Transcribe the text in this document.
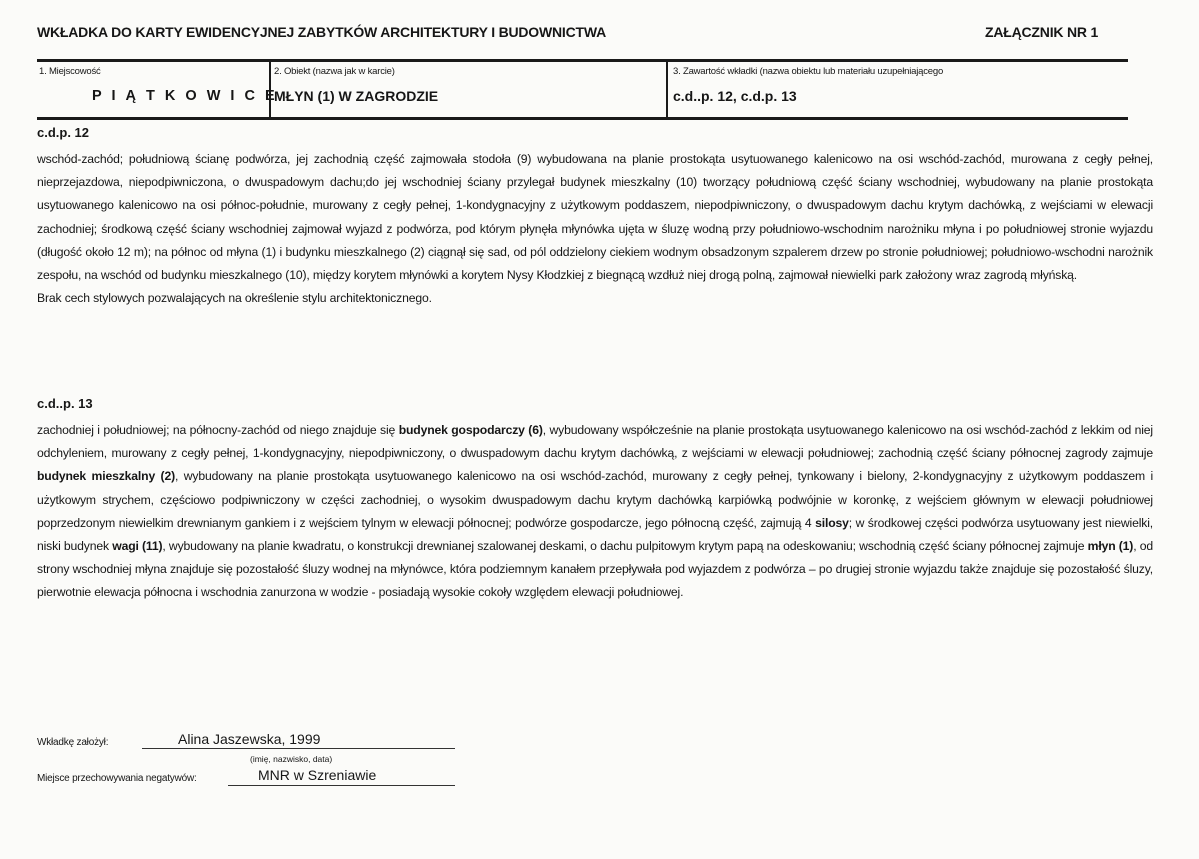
WKŁADKA DO KARTY EWIDENCYJNEJ ZABYTKÓW ARCHITEKTURY I BUDOWNICTWA	ZAŁĄCZNIK NR 1
1. Miejscowość
P I Ą T K O W I C E
2. Obiekt (nazwa jak w karcie)
MŁYN (1) W ZAGRODZIE
3. Zawartość wkładki (nazwa obiektu lub materiału uzupełniającego
c.d..p. 12, c.d.p. 13
c.d.p. 12

wschód-zachód; południową ścianę podwórza, jej zachodnią część zajmowała stodoła (9) wybudowana na planie prostokąta usytuowanego kalenicowo na osi wschód-zachód, murowana z cegły pełnej, nieprzejazdowa, niepodpiwniczona, o dwuspadowym dachu;do jej wschodniej ściany przylegał budynek mieszkalny (10) tworzący południową część ściany wschodniej, wybudowany na planie prostokąta usytuowanego kalenicowo na osi północ-południe, murowany z cegły pełnej, 1-kondygnacyjny z użytkowym poddaszem, niepodpiwniczony, o dwuspadowym dachu krytym dachówką, z wejściami w elewacji zachodniej; środkową część ściany wschodniej zajmował wyjazd z podwórza, pod którym płynęła młynówka ujęta w śluzę wodną przy południowo-wschodnim narożniku młyna i po południowej stronie wyjazdu (długość około 12 m); na północ od młyna (1) i budynku mieszkalnego (2) ciągnął się sad, od pól oddzielony ciekiem wodnym obsadzonym szpalerem drzew po stronie południowej; południowo-wschodni narożnik zespołu, na wschód od budynku mieszkalnego (10), między korytem młynówki a korytem Nysy Kłodzkiej z biegnącą wzdłuż niej drogą polną, zajmował niewielki park założony wraz zagrodą młyńską.

Brak cech stylowych pozwalających na określenie stylu architektonicznego.

c.d..p. 13

zachodniej i południowej; na północny-zachód od niego znajduje się budynek gospodarczy (6), wybudowany współcześnie na planie prostokąta usytuowanego kalenicowo na osi wschód-zachód z lekkim od niej odchyleniem, murowany z cegły pełnej, 1-kondygnacyjny, niepodpiwniczony, o dwuspadowym dachu krytym dachówką, z wejściami w elewacji południowej; zachodnią część ściany północnej zagrody zajmuje budynek mieszkalny (2), wybudowany na planie prostokąta usytuowanego kalenicowo na osi wschód-zachód, murowany z cegły pełnej, tynkowany i bielony, 2-kondygnacyjny z użytkowym poddaszem i użytkowym strychem, częściowo podpiwniczony w części zachodniej, o wysokim dwuspadowym dachu krytym dachówką karpiówką podwójnie w koronkę, z wejściem głównym w elewacji południowej poprzedzonym niewielkim drewnianym gankiem i z wejściem tylnym w elewacji północnej; podwórze gospodarcze, jego północną część, zajmują 4 silosy; w środkowej części podwórza usytuowany jest niewielki, niski budynek wagi (11), wybudowany na planie kwadratu, o konstrukcji drewnianej szalowanej deskami, o dachu pulpitowym krytym papą na odeskowaniu; wschodnią część ściany północnej zajmuje młyn (1), od strony wschodniej młyna znajduje się pozostałość śluzy wodnej na młynówce, która podziemnym kanałem przepływała pod wyjazdem z podwórza – po drugiej stronie wyjazdu także znajduje się pozostałość śluzy, pierwotnie elewacja północna i wschodnia zanurzona w wodzie - posiadają wysokie cokoły względem elewacji południowej.

Wkładkę założył:	Alina Jaszewska, 1999
(imię, nazwisko, data)
Miejsce przechowywania negatywów:	MNR w Szreniawie
